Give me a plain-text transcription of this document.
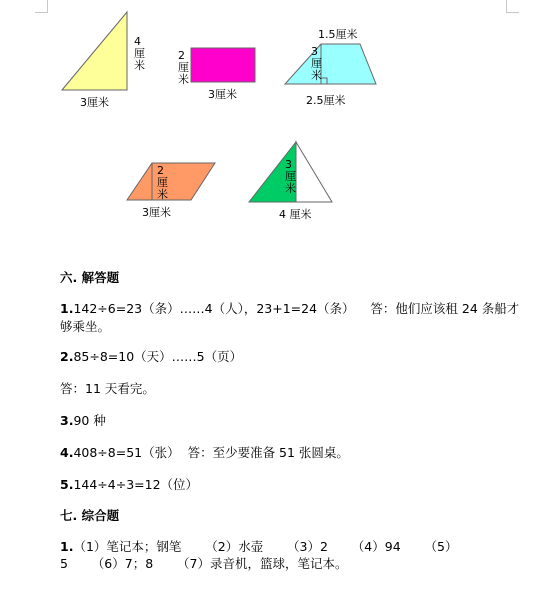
4 厘米
3厘米
2 厘米
3厘米
1.5厘米
3 厘米
2.5厘米
2 厘米
3厘米
3 厘米
4 厘米
六. 解答题
1.142÷6=23（条）……4（人），23+1=24（条）    答：他们应该租 24 条船才
够乘坐。
2.85÷8=10（天）……5（页）
答：11 天看完。
3.90 种
4.408÷8=51（张）  答：至少要准备 51 张圆桌。
5.144÷4÷3=12（位）
七. 综合题
1.（1）笔记本；钢笔      （2）水壶      （3）2      （4）94      （5）
5      （6）7；8      （7）录音机，篮球，笔记本。
